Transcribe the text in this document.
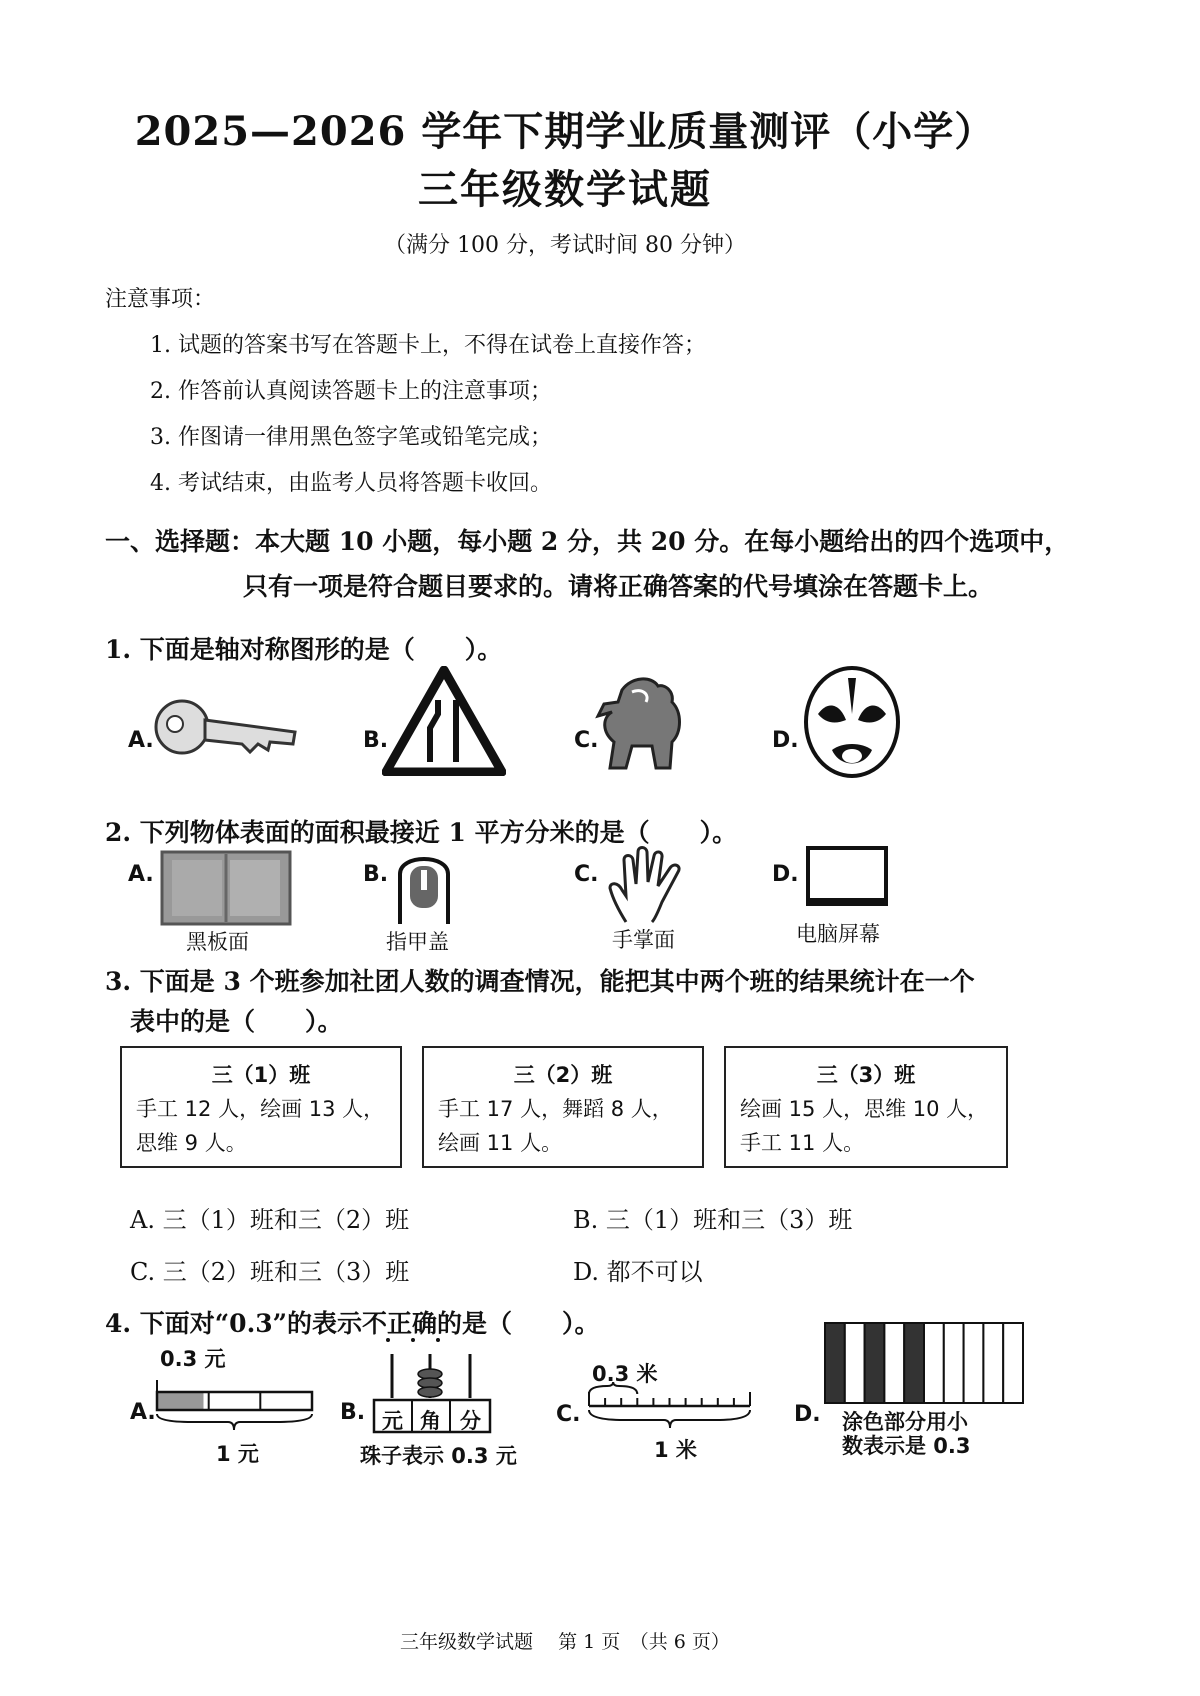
2025—2026 学年下期学业质量测评（小学）
三年级数学试题
（满分 100 分，考试时间 80 分钟）
注意事项：
1. 试题的答案书写在答题卡上，不得在试卷上直接作答；
2. 作答前认真阅读答题卡上的注意事项；
3. 作图请一律用黑色签字笔或铅笔完成；
4. 考试结束，由监考人员将答题卡收回。
一、选择题：本大题 10 小题，每小题 2 分，共 20 分。在每小题给出的四个选项中，
只有一项是符合题目要求的。请将正确答案的代号填涂在答题卡上。
1. 下面是轴对称图形的是（　　）。
A.	B.	C.	D.
2. 下列物体表面的面积最接近 1 平方分米的是（　　）。
A.
黑板面
B.
指甲盖
C.
手掌面
D.
电脑屏幕
3. 下面是 3 个班参加社团人数的调查情况，能把其中两个班的结果统计在一个
表中的是（　　）。
三（1）班
手工 12 人，绘画 13 人，
思维 9 人。
三（2）班
手工 17 人，舞蹈 8 人，
绘画 11 人。
三（3）班
绘画 15 人，思维 10 人，
手工 11 人。
A. 三（1）班和三（2）班	B. 三（1）班和三（3）班
C. 三（2）班和三（3）班	D. 都不可以
4. 下面对“0.3”的表示不正确的是（　　）。
A.
0.3 元
1 元
B. 元 角 分
珠子表示 0.3 元
C.
0.3 米
1 米
D. 涂色部分用小
数表示是 0.3
三年级数学试题　 第 1 页　（共 6 页）
